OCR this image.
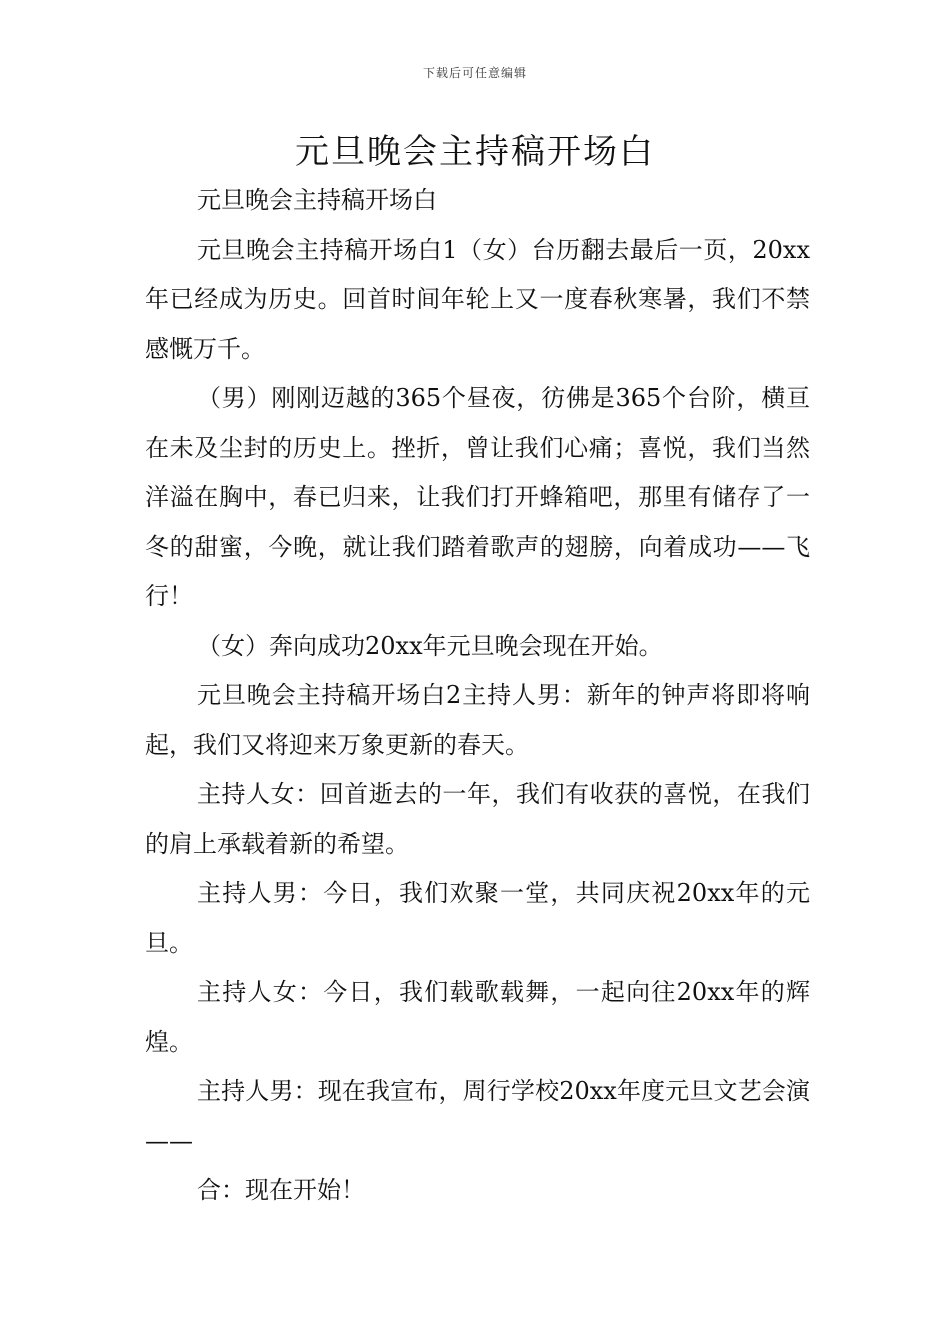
下载后可任意编辑
元旦晚会主持稿开场白

元旦晚会主持稿开场白

元旦晚会主持稿开场白1（女）台历翻去最后一页，20xx年已经成为历史。回首时间年轮上又一度春秋寒暑，我们不禁感慨万千。

（男）刚刚迈越的365个昼夜，彷佛是365个台阶，横亘在未及尘封的历史上。挫折，曾让我们心痛；喜悦，我们当然洋溢在胸中，春已归来，让我们打开蜂箱吧，那里有储存了一冬的甜蜜，今晚，就让我们踏着歌声的翅膀，向着成功——飞行！

（女）奔向成功20xx年元旦晚会现在开始。

元旦晚会主持稿开场白2主持人男：新年的钟声将即将响起，我们又将迎来万象更新的春天。

主持人女：回首逝去的一年，我们有收获的喜悦，在我们的肩上承载着新的希望。

主持人男：今日，我们欢聚一堂，共同庆祝20xx年的元旦。

主持人女：今日，我们载歌载舞，一起向往20xx年的辉煌。

主持人男：现在我宣布，周行学校20xx年度元旦文艺会演——

合：现在开始！
